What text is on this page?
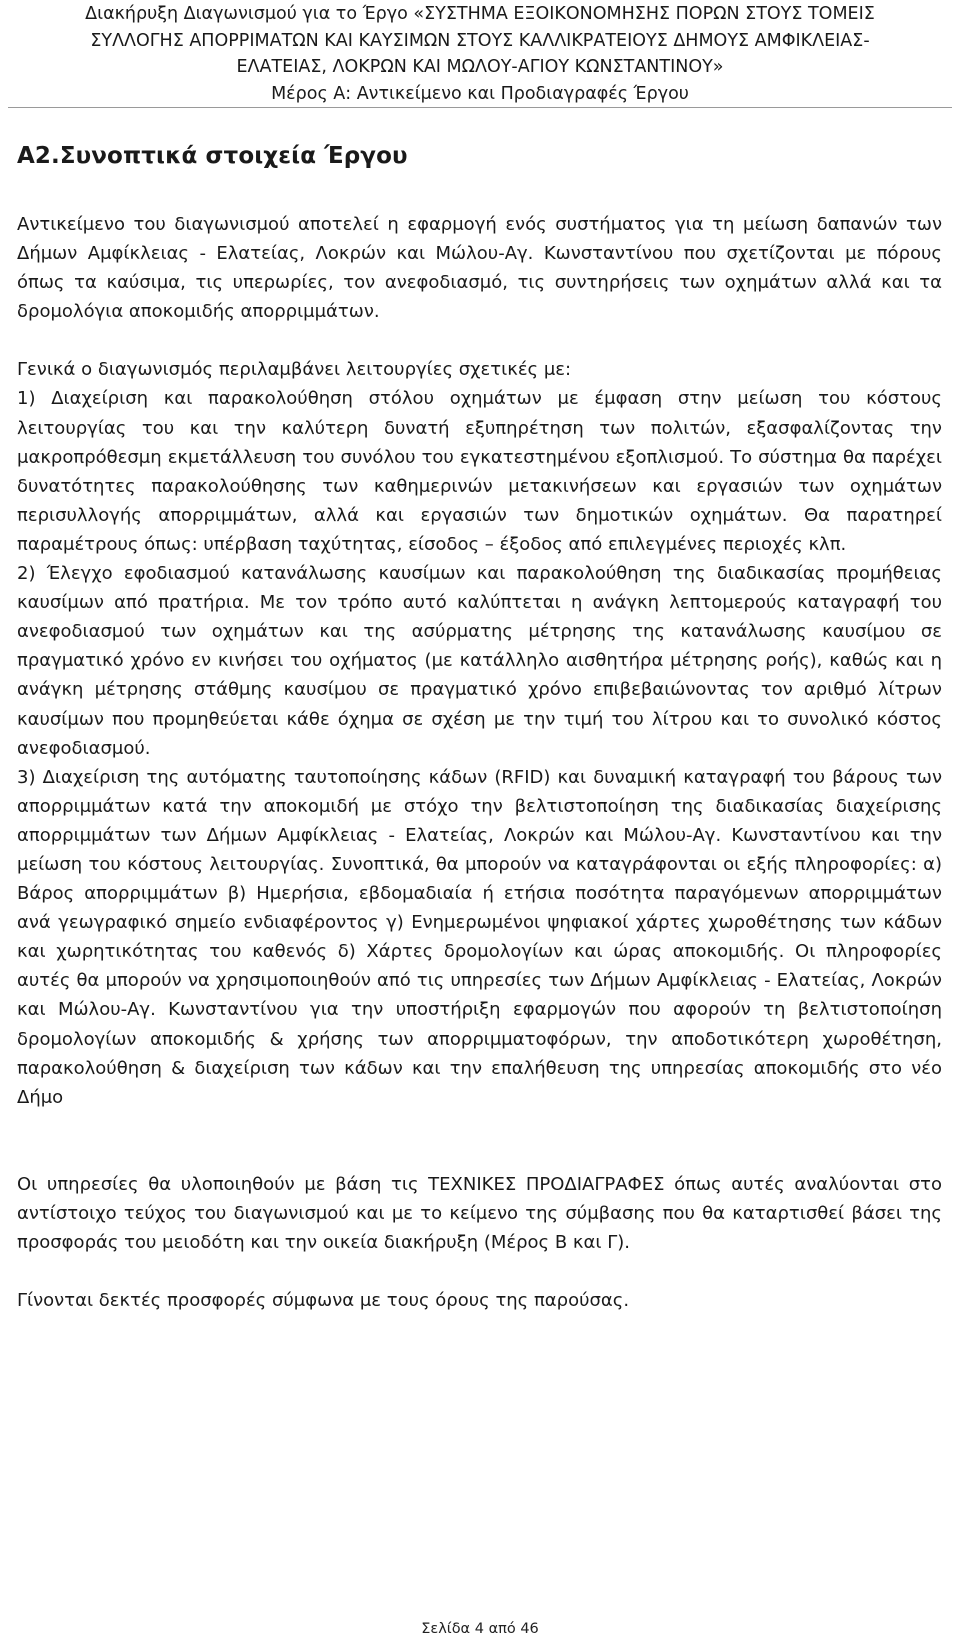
Διακήρυξη Διαγωνισμού για το Έργο «ΣΥΣΤΗΜΑ ΕΞΟΙΚΟΝΟΜΗΣΗΣ ΠΟΡΩΝ ΣΤΟΥΣ ΤΟΜΕΙΣ
ΣΥΛΛΟΓΗΣ ΑΠΟΡΡΙΜΑΤΩΝ ΚΑΙ ΚΑΥΣΙΜΩΝ ΣΤΟΥΣ ΚΑΛΛΙΚΡΑΤΕΙΟΥΣ ΔΗΜΟΥΣ ΑΜΦΙΚΛΕΙΑΣ-
ΕΛΑΤΕΙΑΣ, ΛΟΚΡΩΝ ΚΑΙ ΜΩΛΟΥ-ΑΓΙΟΥ ΚΩΝΣΤΑΝΤΙΝΟΥ»
Μέρος Α: Αντικείμενο και Προδιαγραφές Έργου
Α2.Συνοπτικά στοιχεία Έργου

Αντικείμενο του διαγωνισμού αποτελεί η εφαρμογή ενός συστήματος για τη μείωση δαπανών των Δήμων Αμφίκλειας - Ελατείας, Λοκρών και Μώλου-Αγ. Κωνσταντίνου που σχετίζονται με πόρους όπως τα καύσιμα, τις υπερωρίες, τον ανεφοδιασμό, τις συντηρήσεις των οχημάτων αλλά και τα δρομολόγια αποκομιδής απορριμμάτων.

Γενικά ο διαγωνισμός περιλαμβάνει λειτουργίες σχετικές με:

1) Διαχείριση και παρακολούθηση στόλου οχημάτων με έμφαση στην μείωση του κόστους λειτουργίας του και την καλύτερη δυνατή εξυπηρέτηση των πολιτών, εξασφαλίζοντας την μακροπρόθεσμη εκμετάλλευση του συνόλου του εγκατεστημένου εξοπλισμού. Το σύστημα θα παρέχει δυνατότητες παρακολούθησης των καθημερινών μετακινήσεων και εργασιών των οχημάτων περισυλλογής απορριμμάτων, αλλά και εργασιών των δημοτικών οχημάτων. Θα παρατηρεί παραμέτρους όπως: υπέρβαση ταχύτητας, είσοδος – έξοδος από επιλεγμένες περιοχές κλπ.

2) Έλεγχο εφοδιασμού κατανάλωσης καυσίμων και παρακολούθηση της διαδικασίας προμήθειας καυσίμων από πρατήρια. Με τον τρόπο αυτό καλύπτεται η ανάγκη λεπτομερούς καταγραφή του ανεφοδιασμού των οχημάτων και της ασύρματης μέτρησης της κατανάλωσης καυσίμου σε πραγματικό χρόνο εν κινήσει του οχήματος (με κατάλληλο αισθητήρα μέτρησης ροής), καθώς και η ανάγκη μέτρησης στάθμης καυσίμου σε πραγματικό χρόνο επιβεβαιώνοντας τον αριθμό λίτρων καυσίμων που προμηθεύεται κάθε όχημα σε σχέση με την τιμή του λίτρου και το συνολικό κόστος ανεφοδιασμού.

3) Διαχείριση της αυτόματης ταυτοποίησης κάδων (RFID) και δυναμική καταγραφή του βάρους των απορριμμάτων κατά την αποκομιδή με στόχο την βελτιστοποίηση της διαδικασίας διαχείρισης απορριμμάτων των Δήμων Αμφίκλειας - Ελατείας, Λοκρών και Μώλου-Αγ. Κωνσταντίνου και την μείωση του κόστους λειτουργίας. Συνοπτικά, θα μπορούν να καταγράφονται οι εξής πληροφορίες: α) Βάρος απορριμμάτων β) Ημερήσια, εβδομαδιαία ή ετήσια ποσότητα παραγόμενων απορριμμάτων ανά γεωγραφικό σημείο ενδιαφέροντος γ) Ενημερωμένοι ψηφιακοί χάρτες χωροθέτησης των κάδων και χωρητικότητας του καθενός δ) Χάρτες δρομολογίων και ώρας αποκομιδής. Οι πληροφορίες αυτές θα μπορούν να χρησιμοποιηθούν από τις υπηρεσίες των Δήμων Αμφίκλειας - Ελατείας, Λοκρών και Μώλου-Αγ. Κωνσταντίνου για την υποστήριξη εφαρμογών που αφορούν τη βελτιστοποίηση δρομολογίων αποκομιδής & χρήσης των απορριμματοφόρων, την αποδοτικότερη χωροθέτηση, παρακολούθηση & διαχείριση των κάδων και την επαλήθευση της υπηρεσίας αποκομιδής στο νέο Δήμο

Οι υπηρεσίες θα υλοποιηθούν με βάση τις ΤΕΧΝΙΚΕΣ ΠΡΟΔΙΑΓΡΑΦΕΣ όπως αυτές αναλύονται στο αντίστοιχο τεύχος του διαγωνισμού και με το κείμενο της σύμβασης που θα καταρτισθεί βάσει της προσφοράς του μειοδότη και την οικεία διακήρυξη (Μέρος Β και Γ).

Γίνονται δεκτές προσφορές σύμφωνα με τους όρους της παρούσας.

Σελίδα 4 από 46
